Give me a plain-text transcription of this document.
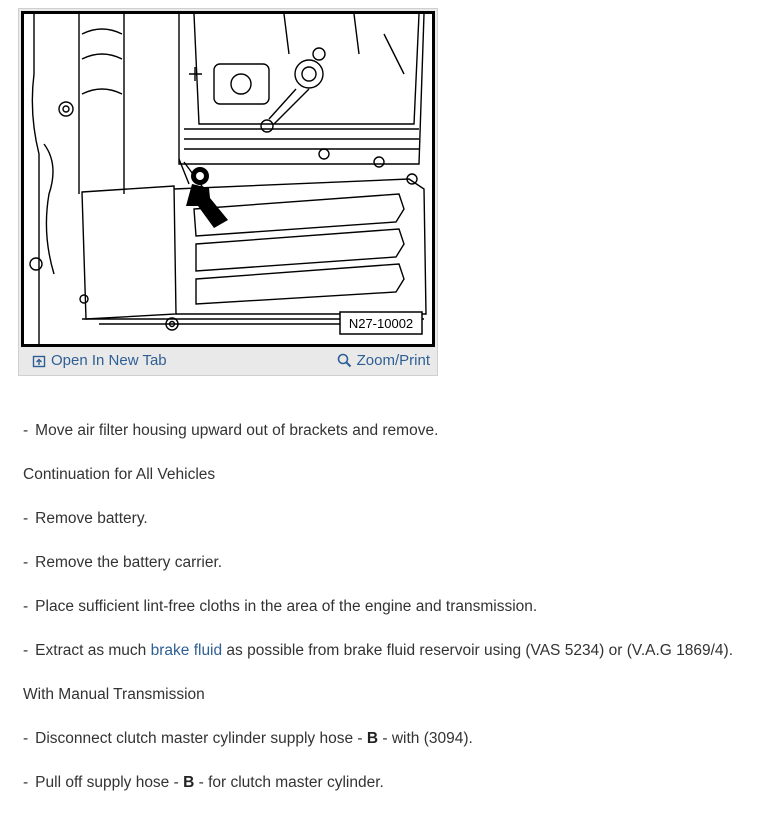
N27-10002
Open In New Tab	Zoom/Print
- Move air filter housing upward out of brackets and remove.
Continuation for All Vehicles
- Remove battery.
- Remove the battery carrier.
- Place sufficient lint-free cloths in the area of the engine and transmission.
- Extract as much brake fluid as possible from brake fluid reservoir using (VAS 5234) or (V.A.G 1869/4).
With Manual Transmission
- Disconnect clutch master cylinder supply hose - B - with (3094).
- Pull off supply hose - B - for clutch master cylinder.
